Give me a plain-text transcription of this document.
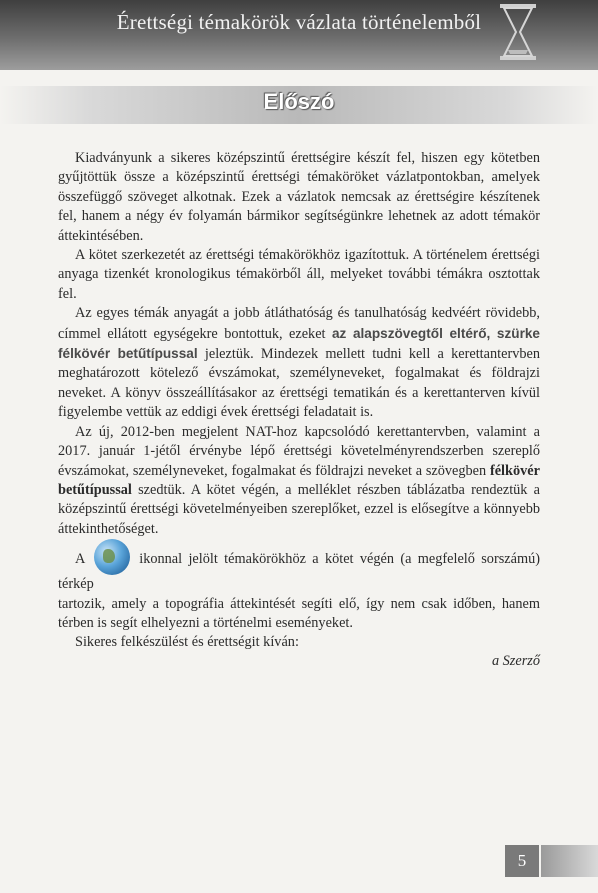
Érettségi témakörök vázlata történelemből
Előszó

Kiadványunk a sikeres középszintű érettségire készít fel, hiszen egy kötetben gyűjtöttük össze a középszintű érettségi témaköröket vázlatpontokban, amelyek összefüggő szöveget alkotnak. Ezek a vázlatok nemcsak az érettségire készítenek fel, hanem a négy év folyamán bármikor segítségünkre lehetnek az adott témakör áttekintésében.

A kötet szerkezetét az érettségi témakörökhöz igazítottuk. A történelem érettségi anyaga tizenkét kronologikus témakörből áll, melyeket további témákra osztottak fel.

Az egyes témák anyagát a jobb átláthatóság és tanulhatóság kedvéért rövidebb, címmel ellátott egységekre bontottuk, ezeket az alapszövegtől eltérő, szürke félkövér betűtípussal jeleztük. Mindezek mellett tudni kell a kerettantervben meghatározott kötelező évszámokat, személyneveket, fogalmakat és földrajzi neveket. A könyv összeállításakor az érettségi tematikán és a kerettanterven kívül figyelembe vettük az eddigi évek érettségi feladatait is.

Az új, 2012-ben megjelent NAT-hoz kapcsolódó kerettantervben, valamint a 2017. január 1-jétől érvénybe lépő érettségi követelményrendszerben szereplő évszámokat, személyneveket, fogalmakat és földrajzi neveket a szövegben félkövér betűtípussal szedtük. A kötet végén, a melléklet részben táblázatba rendeztük a középszintű érettségi követelményeiben szereplőket, ezzel is elősegítve a könnyebb áttekinthetőséget.

A	ikonnal jelölt témakörökhöz a kötet végén (a megfelelő sorszámú) térkép

tartozik, amely a topográfia áttekintését segíti elő, így nem csak időben, hanem térben is segít elhelyezni a történelmi eseményeket.

Sikeres felkészülést és érettségit kíván:

a Szerző
5
